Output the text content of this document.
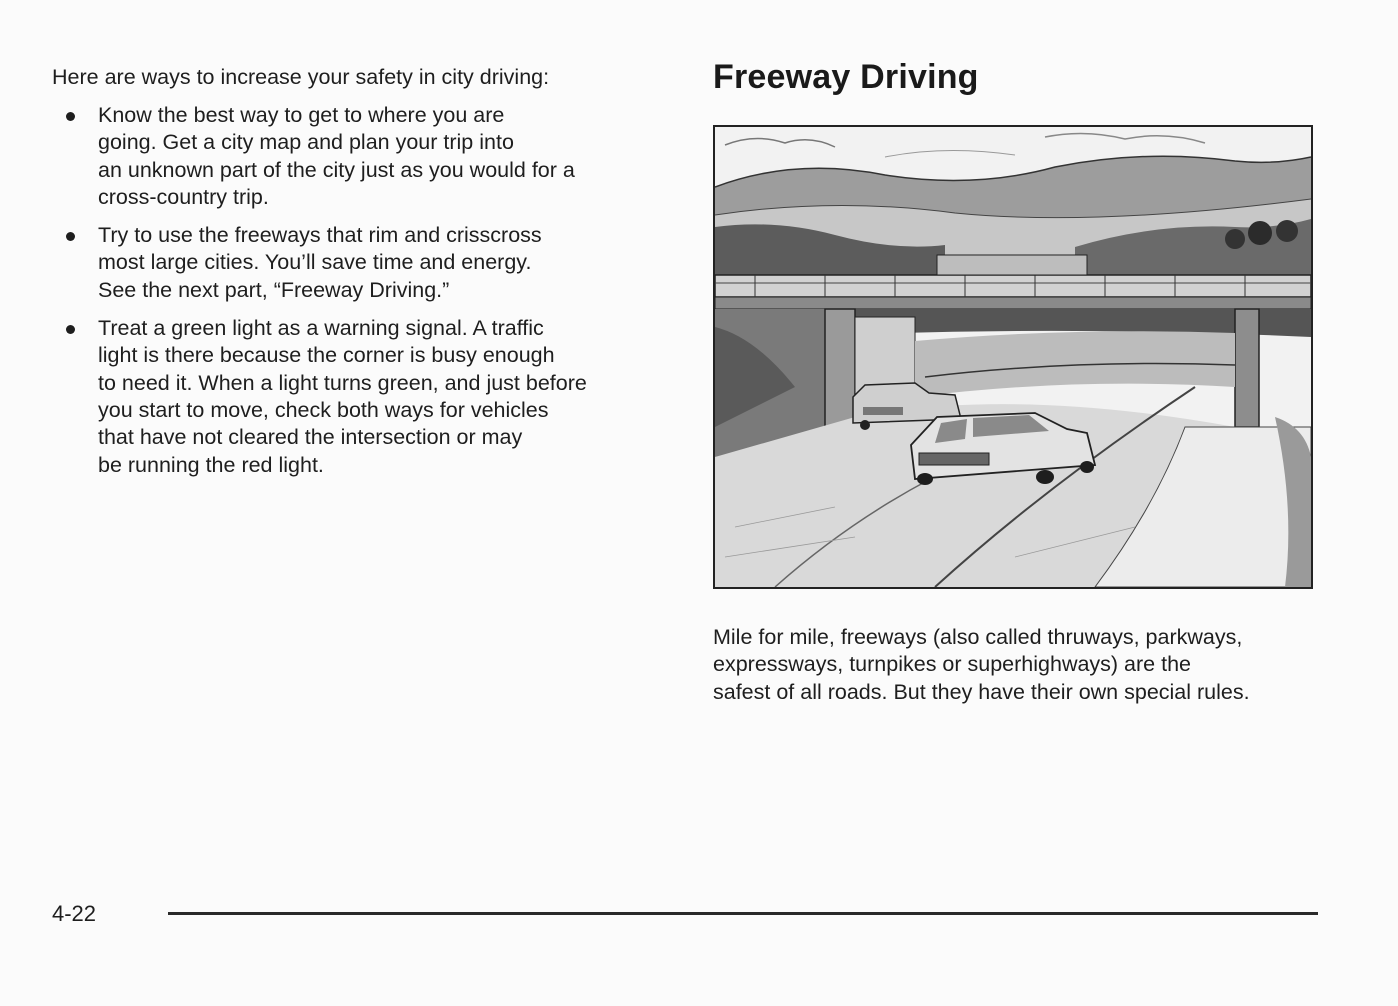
Here are ways to increase your safety in city driving:

Know the best way to get to where you are
going. Get a city map and plan your trip into
an unknown part of the city just as you would for a
cross-country trip.
Try to use the freeways that rim and crisscross
most large cities. You’ll save time and energy.
See the next part, “Freeway Driving.”
Treat a green light as a warning signal. A traffic
light is there because the corner is busy enough
to need it. When a light turns green, and just before
you start to move, check both ways for vehicles
that have not cleared the intersection or may
be running the red light.
Freeway Driving

Mile for mile, freeways (also called thruways, parkways,
expressways, turnpikes or superhighways) are the
safest of all roads. But they have their own special rules.

4-22
